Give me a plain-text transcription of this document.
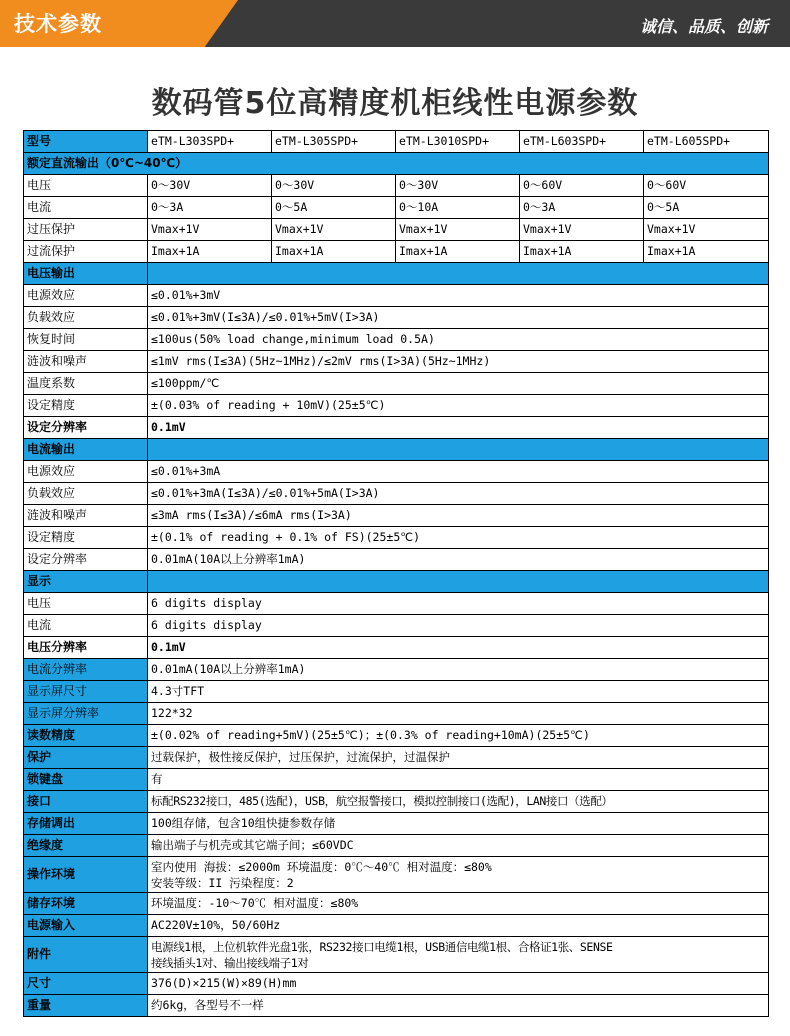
技术参数	诚信、品质、创新
数码管5位高精度机柜线性电源参数
型号	eTM-L303SPD+	eTM-L305SPD+	eTM-L3010SPD+	eTM-L603SPD+	eTM-L605SPD+
额定直流输出（0℃~40℃）					
电压	0～30V	0～30V	0～30V	0～60V	0～60V
电流	0～3A	0～5A	0～10A	0～3A	0～5A
过压保护	Vmax+1V	Vmax+1V	Vmax+1V	Vmax+1V	Vmax+1V
过流保护	Imax+1A	Imax+1A	Imax+1A	Imax+1A	Imax+1A
电压输出					
电源效应	≤0.01%+3mV				
负载效应	≤0.01%+3mV(I≤3A)/≤0.01%+5mV(I>3A)				
恢复时间	≤100us(50% load change,minimum load 0.5A)				
涟波和噪声	≤1mV rms(I≤3A)(5Hz~1MHz)/≤2mV rms(I>3A)(5Hz~1MHz)				
温度系数	≤100ppm/℃				
设定精度	±(0.03% of reading + 10mV)(25±5℃)				
设定分辨率	0.1mV				
电流输出					
电源效应	≤0.01%+3mA				
负载效应	≤0.01%+3mA(I≤3A)/≤0.01%+5mA(I>3A)				
涟波和噪声	≤3mA rms(I≤3A)/≤6mA rms(I>3A)				
设定精度	±(0.1% of reading + 0.1% of FS)(25±5℃)				
设定分辨率	0.01mA(10A以上分辨率1mA)				
显示					
电压	6 digits display				
电流	6 digits display				
电压分辨率	0.1mV				
电流分辨率	0.01mA(10A以上分辨率1mA)				
显示屏尺寸	4.3寸TFT				
显示屏分辨率	122*32				
读数精度	±(0.02% of reading+5mV)(25±5℃)；±(0.3% of reading+10mA)(25±5℃)				
保护	过载保护，极性接反保护，过压保护，过流保护，过温保护				
锁键盘	有				
接口	标配RS232接口，485(选配)，USB，航空报警接口，模拟控制接口(选配)，LAN接口（选配）				
存储调出	100组存储，包含10组快捷参数存储				
绝缘度	输出端子与机壳或其它端子间；≤60VDC				
操作环境	室内使用 海拔：≤2000m 环境温度：0℃～40℃ 相对温度：≤80%
安装等级：II 污染程度：2				

储存环境	环境温度：-10～70℃ 相对温度：≤80%				
电源输入	AC220V±10%，50/60Hz				
附件	电源线1根，上位机软件光盘1张，RS232接口电缆1根，USB通信电缆1根、合格证1张、SENSE
接线插头1对、输出接线端子1对				

尺寸	376(D)×215(W)×89(H)mm				
重量	约6kg，各型号不一样				
